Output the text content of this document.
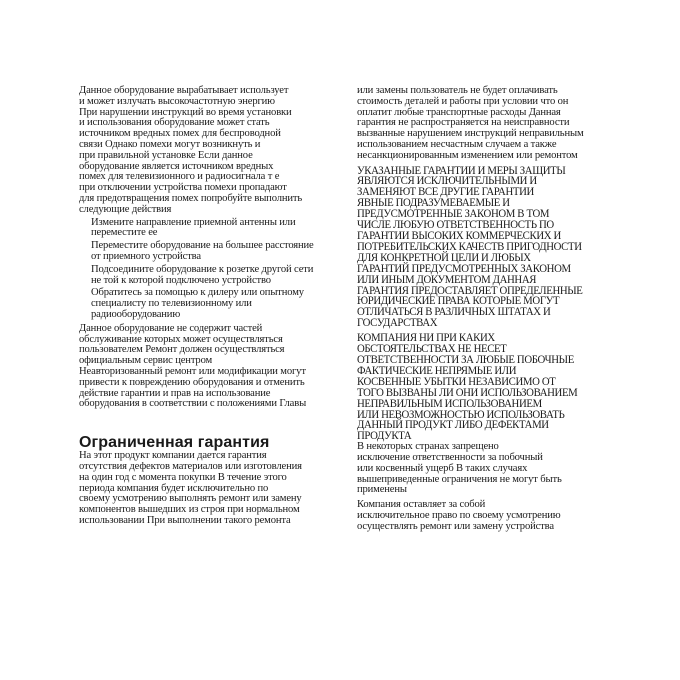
Данное оборудование вырабатывает использует
и может излучать высокочастотную энергию
При нарушении инструкций во время установки
и использования оборудование может стать
источником вредных помех для беспроводной
связи Однако помехи могут возникнуть и
при правильной установке Если данное
оборудование является источником вредных
помех для телевизионного и радиосигнала т е
при отключении устройства помехи пропадают
для предотвращения помех попробуйте выполнить
следующие действия

Измените направление приемной антенны или
переместите ее
Переместите оборудование на большее расстояние
от приемного устройства
Подсоедините оборудование к розетке другой сети
не той к которой подключено устройство
Обратитесь за помощью к дилеру или опытному
специалисту по телевизионному или
радиооборудованию

Данное оборудование не содержит частей
обслуживание которых может осуществляться
пользователем Ремонт должен осуществляться
официальным сервис центром
Неавторизованный ремонт или модификации могут
привести к повреждению оборудования и отменить
действие гарантии и прав на использование
оборудования в соответствии с положениями Главы

Ограниченная гарантия

На этот продукт компании дается гарантия
отсутствия дефектов материалов или изготовления
на один год с момента покупки В течение этого
периода компания будет исключительно по
своему усмотрению выполнять ремонт или замену
компонентов вышедших из строя при нормальном
использовании При выполнении такого ремонта

или замены пользователь не будет оплачивать
стоимость деталей и работы при условии что он
оплатит любые транспортные расходы Данная
гарантия не распространяется на неисправности
вызванные нарушением инструкций неправильным
использованием несчастным случаем а также
несанкционированным изменением или ремонтом

УКАЗАННЫЕ ГАРАНТИИ И МЕРЫ ЗАЩИТЫ
ЯВЛЯЮТСЯ ИСКЛЮЧИТЕЛЬНЫМИ И
ЗАМЕНЯЮТ ВСЕ ДРУГИЕ ГАРАНТИИ
ЯВНЫЕ ПОДРАЗУМЕВАЕМЫЕ И
ПРЕДУСМОТРЕННЫЕ ЗАКОНОМ В ТОМ
ЧИСЛЕ ЛЮБУЮ ОТВЕТСТВЕННОСТЬ ПО
ГАРАНТИИ ВЫСОКИХ КОММЕРЧЕСКИХ И
ПОТРЕБИТЕЛЬСКИХ КАЧЕСТВ ПРИГОДНОСТИ
ДЛЯ КОНКРЕТНОЙ ЦЕЛИ И ЛЮБЫХ
ГАРАНТИЙ ПРЕДУСМОТРЕННЫХ ЗАКОНОМ
ИЛИ ИНЫМ ДОКУМЕНТОМ ДАННАЯ
ГАРАНТИЯ ПРЕДОСТАВЛЯЕТ ОПРЕДЕЛЕННЫЕ
ЮРИДИЧЕСКИЕ ПРАВА КОТОРЫЕ МОГУТ
ОТЛИЧАТЬСЯ В РАЗЛИЧНЫХ ШТАТАХ И
ГОСУДАРСТВАХ

КОМПАНИЯ НИ ПРИ КАКИХ
ОБСТОЯТЕЛЬСТВАХ НЕ НЕСЕТ
ОТВЕТСТВЕННОСТИ ЗА ЛЮБЫЕ ПОБОЧНЫЕ
ФАКТИЧЕСКИЕ НЕПРЯМЫЕ ИЛИ
КОСВЕННЫЕ УБЫТКИ НЕЗАВИСИМО ОТ
ТОГО ВЫЗВАНЫ ЛИ ОНИ ИСПОЛЬЗОВАНИЕМ
НЕПРАВИЛЬНЫМ ИСПОЛЬЗОВАНИЕМ
ИЛИ НЕВОЗМОЖНОСТЬЮ ИСПОЛЬЗОВАТЬ
ДАННЫЙ ПРОДУКТ ЛИБО ДЕФЕКТАМИ
ПРОДУКТА

В некоторых странах запрещено
исключение ответственности за побочный
или косвенный ущерб В таких случаях
вышеприведенные ограничения не могут быть
применены

Компания оставляет за собой
исключительное право по своему усмотрению
осуществлять ремонт или замену устройства
